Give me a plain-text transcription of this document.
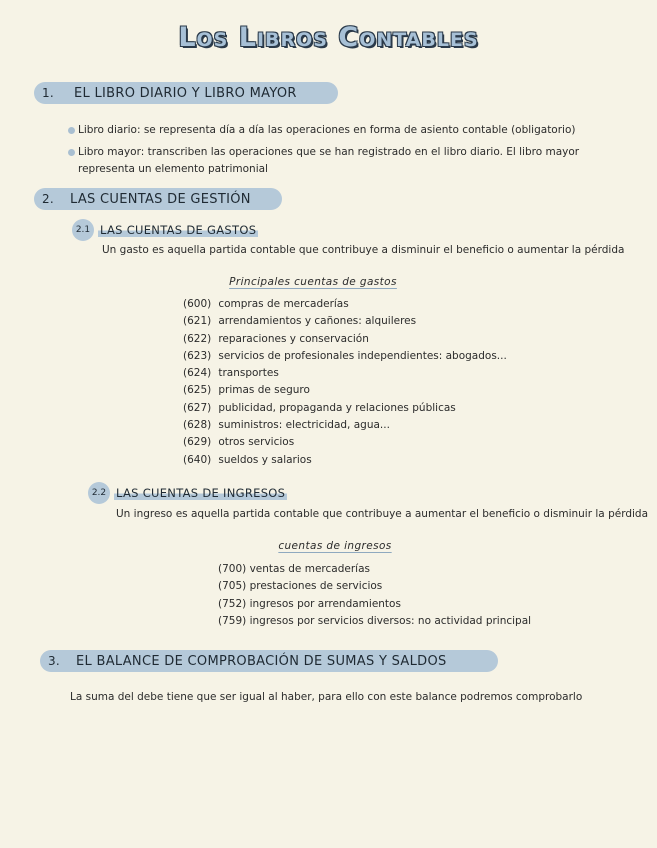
Los Libros Contables
1.	EL LIBRO DIARIO Y LIBRO MAYOR
Libro diario: se representa día a día las operaciones en forma de asiento contable (obligatorio)
Libro mayor: transcriben las operaciones que se han registrado en el libro diario. El libro mayor representa un elemento patrimonial
2.	LAS CUENTAS DE GESTIÓN
2.1 LAS CUENTAS DE GASTOS
Un gasto es aquella partida contable que contribuye a disminuir el beneficio o aumentar la pérdida
Principales cuentas de gastos
(600) compras de mercaderías
(621) arrendamientos y cañones: alquileres
(622) reparaciones y conservación
(623) servicios de profesionales independientes: abogados...
(624) transportes
(625) primas de seguro
(627) publicidad, propaganda y relaciones públicas
(628) suministros: electricidad, agua...
(629) otros servicios
(640) sueldos y salarios
2.2 LAS CUENTAS DE INGRESOS
Un ingreso es aquella partida contable que contribuye a aumentar el beneficio o disminuir la pérdida
cuentas de ingresos
(700) ventas de mercaderías
(705) prestaciones de servicios
(752) ingresos por arrendamientos
(759) ingresos por servicios diversos: no actividad principal
3.	EL BALANCE DE COMPROBACIÓN DE SUMAS Y SALDOS
La suma del debe tiene que ser igual al haber, para ello con este balance podremos comprobarlo
